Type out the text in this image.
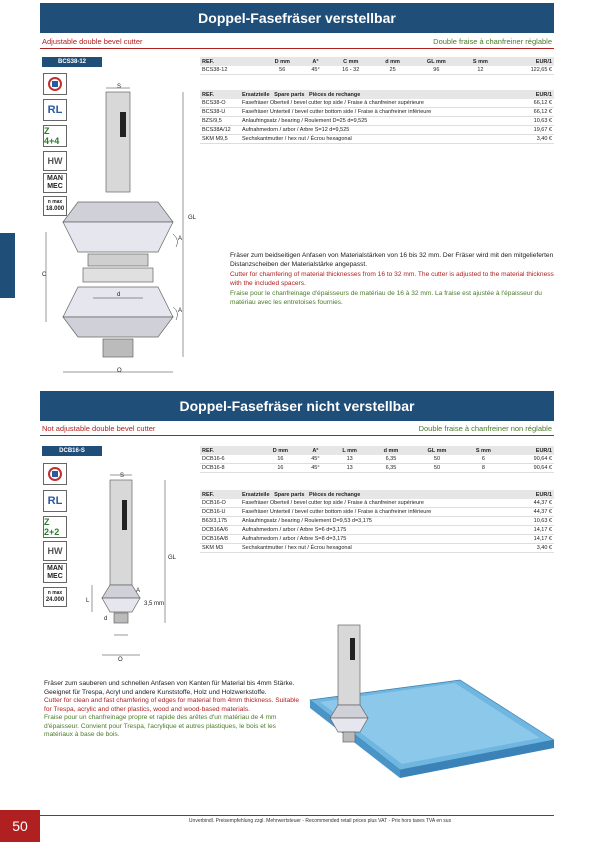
Doppel-Fasefräser verstellbar
Adjustable double bevel cutter	Double fraise à chanfreiner réglable
BCS38-12
RL
Z 4+4
HW
MAN
MEC
n max
18.000
S
GL
C
d
A
A
O
REF.	D mm	A°	C mm	d mm	GL mm	S mm	EUR/1
BCS38-12	56	45°	16 - 32	25	96	12	122,65 €
REF.	Ersatzteile Spare parts Pièces de rechange	EUR/1
BCS38-O	Fasefräser Oberteil / bevel cutter top side / Fraise à chanfreiner supérieure	66,12 €
BCS38-U	Fasefräser Unterteil / bevel cutter bottom side / Fraise à chanfreiner inférieure	66,12 €
BZS/9,5	Anlaufringsatz / bearing / Roulement D=25 d=9,525	10,63 €
BCS38A/12	Aufnahmedorn / arbor / Arbre S=12 d=9,525	19,67 €
SKM M9,5	Sechskantmutter / hex nut / Écrou hexagonal	3,40 €

Fräser zum beidseitigen Anfasen von Materialstärken von 16 bis 32 mm. Der Fräser wird mit den mitgelieferten Distanzscheiben der Materialstärke angepasst.

Cutter for chamfering of material thicknesses from 16 to 32 mm. The cutter is adjusted to the material thickness with the included spacers.

Fraise pour le chanfreinage d'épaisseurs de matériau de 16 à 32 mm. La fraise est ajustée à l'épaisseur du matériau avec les entretoises fournies.

Doppel-Fasefräser nicht verstellbar
Not adjustable double bevel cutter	Double fraise à chanfreiner non réglable
DCB16-S
RL
Z 2+2
HW
MAN
MEC
n max
24.000
S
GL
L
d
A
3,5 mm
O
REF.	D mm	A°	L mm	d mm	GL mm	S mm	EUR/1
DCB16-6	16	45°	13	6,35	50	6	90,64 €
DCB16-8	16	45°	13	6,35	50	8	90,64 €
REF.	Ersatzteile Spare parts Pièces de rechange	EUR/1
DCB16-O	Fasefräser Oberteil / bevel cutter top side / Fraise à chanfreiner supérieure	44,37 €
DCB16-U	Fasefräser Unterteil / bevel cutter bottom side / Fraise à chanfreiner inférieure	44,37 €
B63/3,175	Anlaufringsatz / bearing / Roulement D=9,53 d=3,175	10,63 €
DCB16A/6	Aufnahmedorn / arbor / Arbre S=6 d=3,175	14,17 €
DCB16A/8	Aufnahmedorn / arbor / Arbre S=8 d=3,175	14,17 €
SKM M3	Sechskantmutter / hex nut / Écrou hexagonal	3,40 €

Fräser zum sauberen und schnellen Anfasen von Kanten für Material bis 4mm Stärke. Geeignet für Trespa, Acryl und andere Kunststoffe, Holz und Holzwerkstoffe.

Cutter for clean and fast chamfering of edges for material from 4mm thickness. Suitable for Trespa, acrylic and other plastics, wood and wood-based materials.

Fraise pour un chanfreinage propre et rapide des arêtes d'un matériau de 4 mm d'épaisseur. Convient pour Trespa, l'acrylique et autres plastiques, le bois et les matériaux à base de bois.

50	Unverbindl. Preisempfehlung zzgl. Mehrwertsteuer - Recommended retail prices plus VAT - Prix hors taxes TVA en sus
